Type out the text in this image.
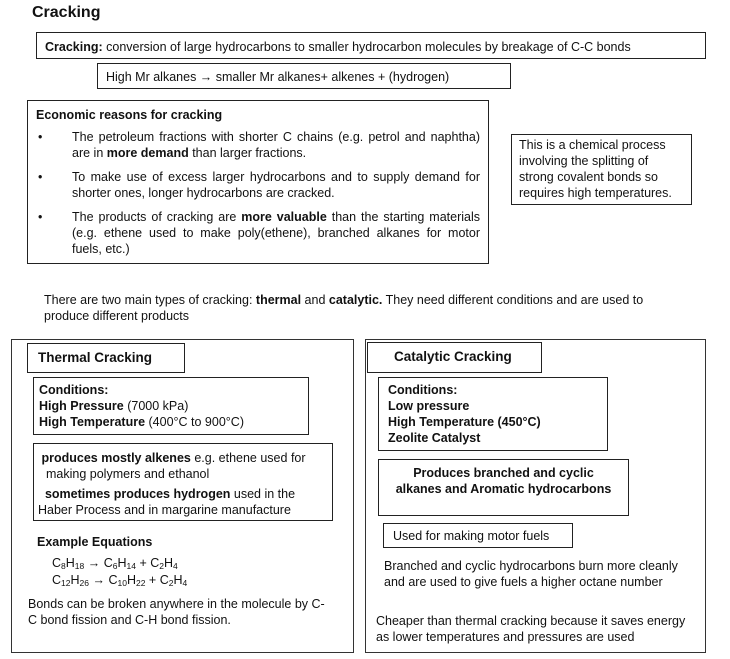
Cracking
Cracking: conversion of large hydrocarbons to smaller hydrocarbon molecules by breakage of C-C bonds
High Mr alkanes → smaller Mr alkanes+ alkenes + (hydrogen)
Economic reasons for cracking
• The petroleum fractions with shorter C chains (e.g. petrol and naphtha) are in more demand than larger fractions.
• To make use of excess larger hydrocarbons and to supply demand for shorter ones, longer hydrocarbons are cracked.
• The products of cracking are more valuable than the starting materials (e.g. ethene used to make poly(ethene), branched alkanes for motor fuels, etc.)
This is a chemical process involving the splitting of strong covalent bonds so requires high temperatures.
There are two main types of cracking: thermal and catalytic. They need different conditions and are used to produce different products
Thermal Cracking
Conditions:
High Pressure (7000 kPa)
High Temperature (400°C to 900°C)
produces mostly alkenes e.g. ethene used for making polymers and ethanol
sometimes produces hydrogen used in the Haber Process and in margarine manufacture
Example Equations
$C_8H_{18} \to C_6H_{14} + C_2H_4$
$C_{12}H_{26} \to C_{10}H_{22} + C_2H_4$
Bonds can be broken anywhere in the molecule by C-C bond fission and C-H bond fission.
Catalytic Cracking
Conditions:
Low pressure
High Temperature (450°C)
Zeolite Catalyst
Produces branched and cyclic alkanes and Aromatic hydrocarbons
Used for making motor fuels
Branched and cyclic hydrocarbons burn more cleanly and are used to give fuels a higher octane number
Cheaper than thermal cracking because it saves energy as lower temperatures and pressures are used
